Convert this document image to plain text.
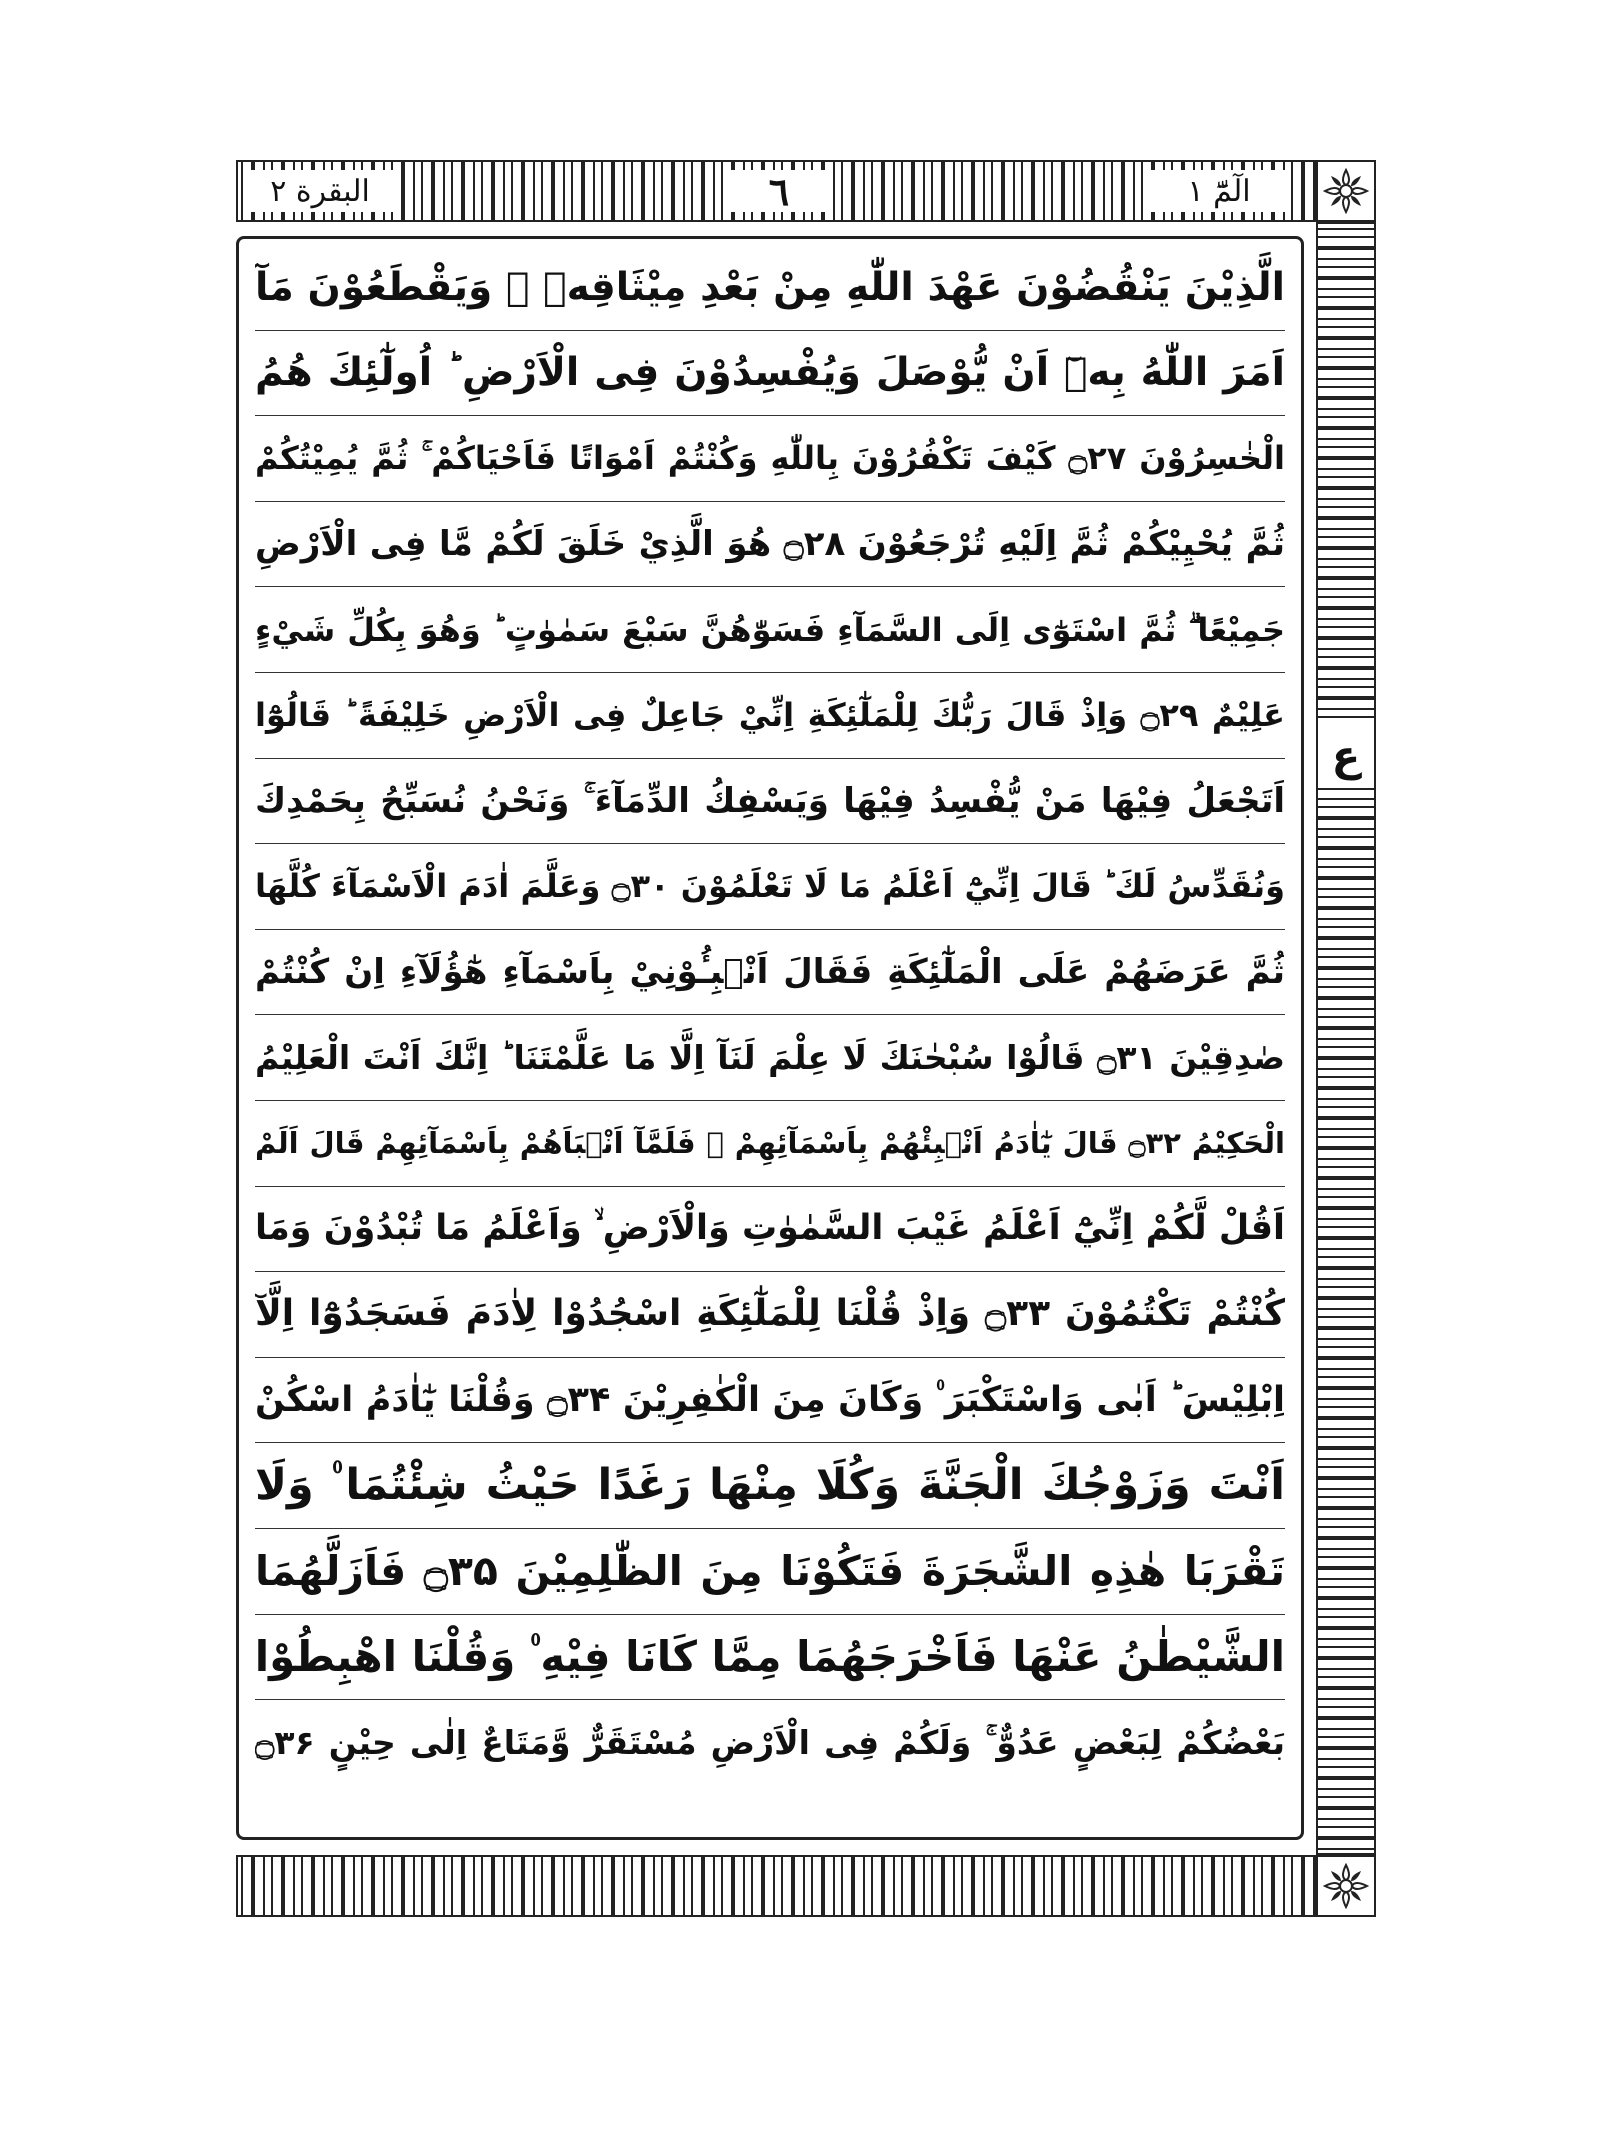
الٓمّٓ ۱
٦
البقرة ۲
ع
الَّذِيْنَ يَنْقُضُوْنَ عَهْدَ اللّٰهِ مِنْ بَعْدِ مِيْثَاقِهٖ ۠ وَيَقْطَعُوْنَ مَآ
اَمَرَ اللّٰهُ بِهٖٓ اَنْ يُّوْصَلَ وَيُفْسِدُوْنَ فِى الْاَرْضِ ؕ اُولٰٓئِكَ هُمُ
الْخٰسِرُوْنَ ۝۲۷ كَيْفَ تَكْفُرُوْنَ بِاللّٰهِ وَكُنْتُمْ اَمْوَاتًا فَاَحْيَاكُمْ ۚ ثُمَّ يُمِيْتُكُمْ
ثُمَّ يُحْيِيْكُمْ ثُمَّ اِلَيْهِ تُرْجَعُوْنَ ۝۲۸ هُوَ الَّذِيْ خَلَقَ لَكُمْ مَّا فِى الْاَرْضِ
جَمِيْعًا ۗ ثُمَّ اسْتَوٰٓى اِلَى السَّمَآءِ فَسَوّٰهُنَّ سَبْعَ سَمٰوٰتٍ ؕ وَهُوَ بِكُلِّ شَيْءٍ
عَلِيْمٌ ۝۲۹ وَاِذْ قَالَ رَبُّكَ لِلْمَلٰٓئِكَةِ اِنِّيْ جَاعِلٌ فِى الْاَرْضِ خَلِيْفَةً ؕ قَالُوْٓا
اَتَجْعَلُ فِيْهَا مَنْ يُّفْسِدُ فِيْهَا وَيَسْفِكُ الدِّمَآءَ ۚ وَنَحْنُ نُسَبِّحُ بِحَمْدِكَ
وَنُقَدِّسُ لَكَ ؕ قَالَ اِنِّيْٓ اَعْلَمُ مَا لَا تَعْلَمُوْنَ ۝۳۰ وَعَلَّمَ اٰدَمَ الْاَسْمَآءَ كُلَّهَا
ثُمَّ عَرَضَهُمْ عَلَى الْمَلٰٓئِكَةِ فَقَالَ اَنْۢبِـُٔوْنِيْ بِاَسْمَآءِ هٰٓؤُلَآءِ اِنْ كُنْتُمْ
صٰدِقِيْنَ ۝۳۱ قَالُوْا سُبْحٰنَكَ لَا عِلْمَ لَنَآ اِلَّا مَا عَلَّمْتَنَا ؕ اِنَّكَ اَنْتَ الْعَلِيْمُ
الْحَكِيْمُ ۝۳۲ قَالَ يٰٓاٰدَمُ اَنْۢبِئْهُمْ بِاَسْمَآئِهِمْ ۚ فَلَمَّآ اَنْۢبَاَهُمْ بِاَسْمَآئِهِمْ قَالَ اَلَمْ
اَقُلْ لَّكُمْ اِنِّيْٓ اَعْلَمُ غَيْبَ السَّمٰوٰتِ وَالْاَرْضِ ۙ وَاَعْلَمُ مَا تُبْدُوْنَ وَمَا
كُنْتُمْ تَكْتُمُوْنَ ۝۳۳ وَاِذْ قُلْنَا لِلْمَلٰٓئِكَةِ اسْجُدُوْا لِاٰدَمَ فَسَجَدُوْٓا اِلَّآ
اِبْلِيْسَ ؕ اَبٰى وَاسْتَكْبَرَ ۠ وَكَانَ مِنَ الْكٰفِرِيْنَ ۝۳۴ وَقُلْنَا يٰٓاٰدَمُ اسْكُنْ
اَنْتَ وَزَوْجُكَ الْجَنَّةَ وَكُلَا مِنْهَا رَغَدًا حَيْثُ شِئْتُمَا ۠ وَلَا
تَقْرَبَا هٰذِهِ الشَّجَرَةَ فَتَكُوْنَا مِنَ الظّٰلِمِيْنَ ۝۳۵ فَاَزَلَّهُمَا
الشَّيْطٰنُ عَنْهَا فَاَخْرَجَهُمَا مِمَّا كَانَا فِيْهِ ۠ وَقُلْنَا اهْبِطُوْا
بَعْضُكُمْ لِبَعْضٍ عَدُوٌّ ۚ وَلَكُمْ فِى الْاَرْضِ مُسْتَقَرٌّ وَّمَتَاعٌ اِلٰى حِيْنٍ ۝۳۶
